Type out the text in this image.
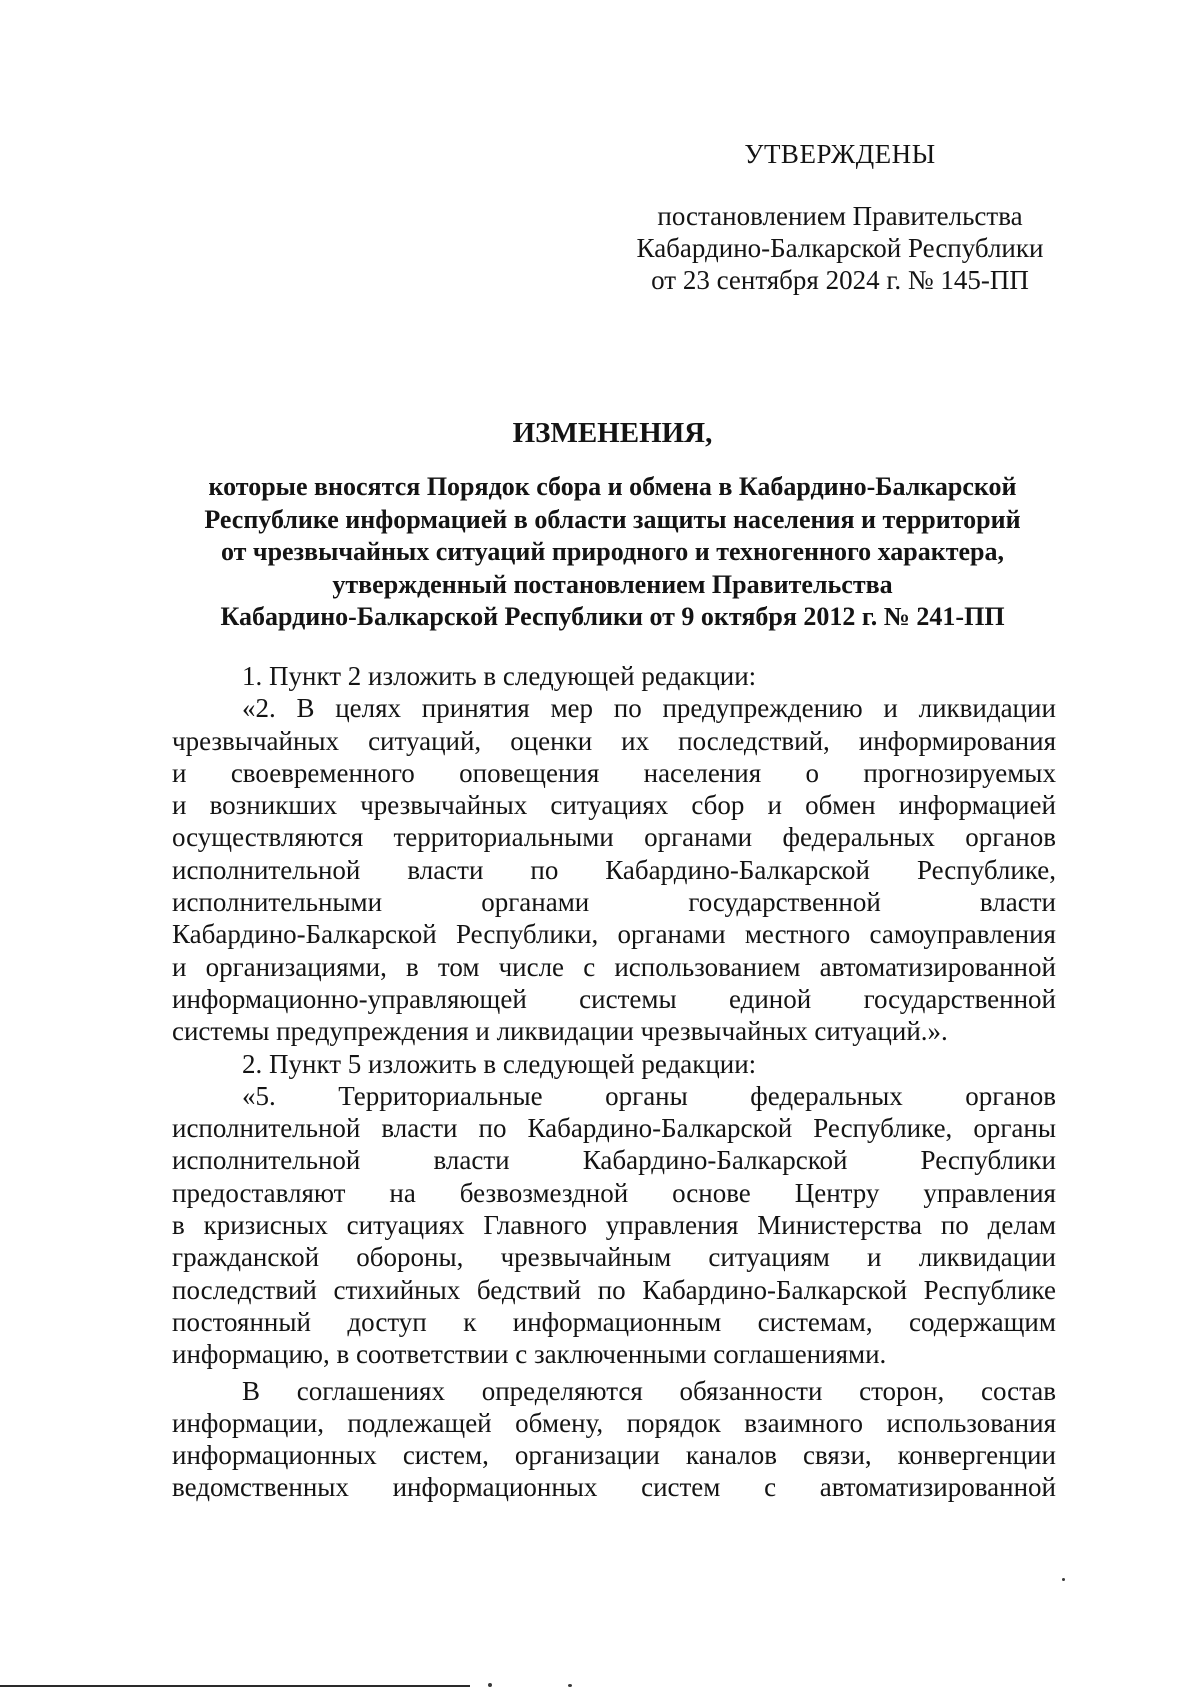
УТВЕРЖДЕНЫ
постановлением Правительства
Кабардино-Балкарской Республики
от 23 сентября 2024 г. № 145-ПП
ИЗМЕНЕНИЯ,
которые вносятся Порядок сбора и обмена в Кабардино-Балкарской
Республике информацией в области защиты населения и территорий
от чрезвычайных ситуаций природного и техногенного характера,
утвержденный постановлением Правительства
Кабардино-Балкарской Республики от 9 октября 2012 г. № 241-ПП
1. Пункт 2 изложить в следующей редакции:
«2. В целях принятия мер по предупреждению и ликвидации
чрезвычайных ситуаций, оценки их последствий, информирования
и своевременного оповещения населения о прогнозируемых
и возникших чрезвычайных ситуациях сбор и обмен информацией
осуществляются территориальными органами федеральных органов
исполнительной власти по Кабардино-Балкарской Республике,
исполнительными	органами	государственной	власти
Кабардино-Балкарской Республики, органами местного самоуправления
и организациями, в том числе с использованием автоматизированной
информационно-управляющей системы единой государственной
системы предупреждения и ликвидации чрезвычайных ситуаций.».
2. Пункт 5 изложить в следующей редакции:
«5. Территориальные органы федеральных органов
исполнительной власти по Кабардино-Балкарской Республике, органы
исполнительной	власти	Кабардино-Балкарской	Республики
предоставляют на безвозмездной основе Центру управления
в кризисных ситуациях Главного управления Министерства по делам
гражданской обороны, чрезвычайным ситуациям и ликвидации
последствий стихийных бедствий по Кабардино-Балкарской Республике
постоянный доступ к информационным системам, содержащим
информацию, в соответствии с заключенными соглашениями.
В соглашениях определяются обязанности сторон, состав
информации, подлежащей обмену, порядок взаимного использования
информационных систем, организации каналов связи, конвергенции
ведомственных информационных систем с автоматизированной
